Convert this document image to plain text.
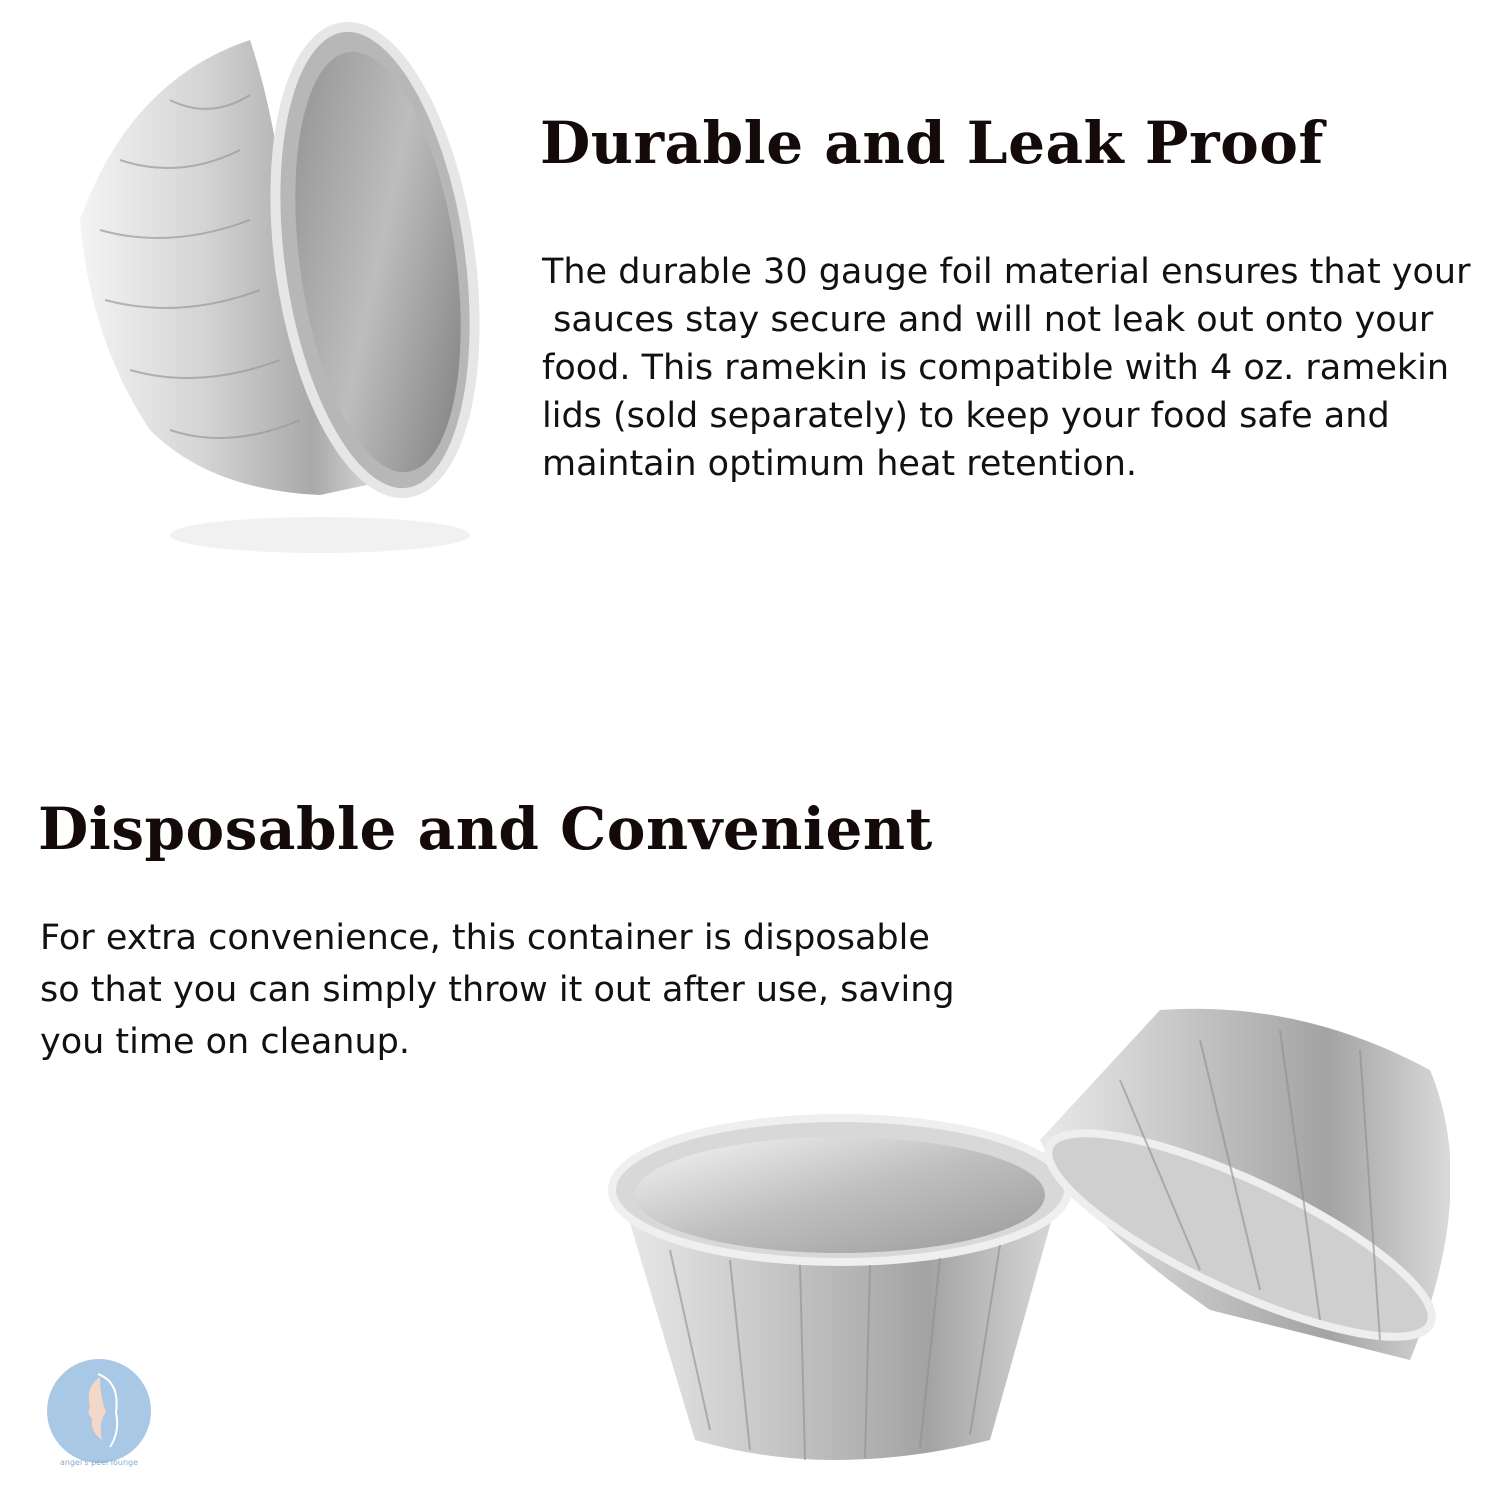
Durable and Leak Proof

The durable 30 gauge foil material ensures that your
sauces stay secure and will not leak out onto your
food. This ramekin is compatible with 4 oz. ramekin
lids (sold separately) to keep your food safe and
maintain optimum heat retention.

Disposable and Convenient

For extra convenience, this container is disposable
so that you can simply throw it out after use, saving
you time on cleanup.

angel's peel lounge
